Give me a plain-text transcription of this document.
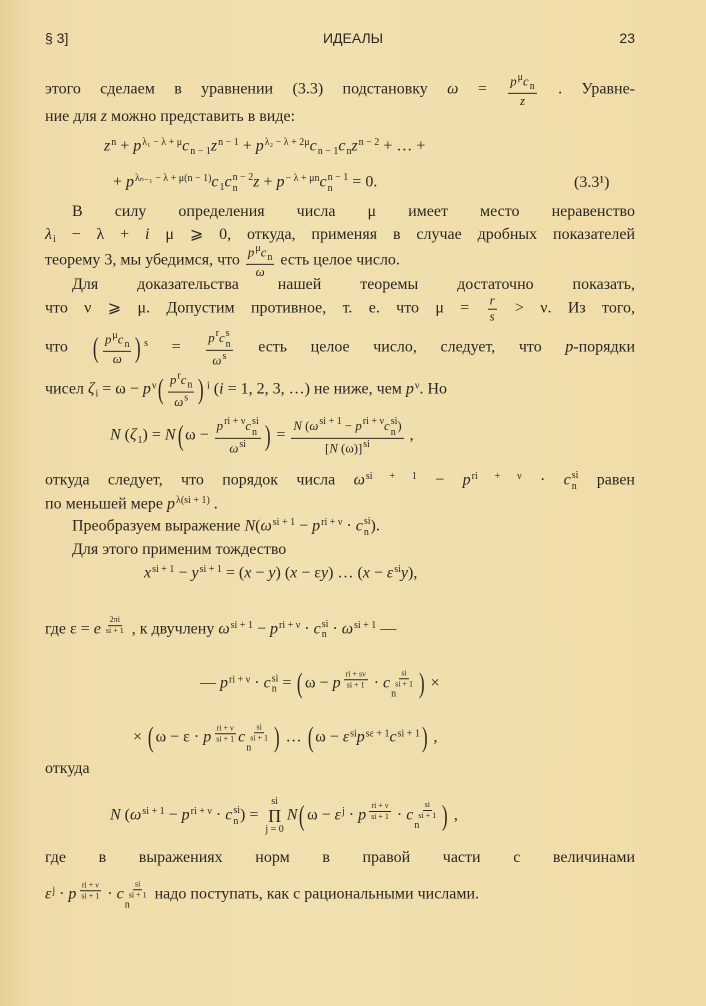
§ 3]	ИДЕАЛЫ	23
этого сделаем в уравнении (3.3) подстановку $\omega = \frac{p^\mu c_n}{z}$ . Уравне-
ние для z можно представить в виде:
$z^n + p^{\lambda_1 - \lambda + \mu}cn - 1z^{n - 1} + p^{\lambda_2 - \lambda + 2\mu}cn - 1cnz^{n - 2}$ + … +
+ $p^{\lambda_{n-1} - \lambda + \mu(n - 1)}c1c$ n − 2
n $z + p^{- \lambda + \mu n}c$ n − 1
n = 0.	(3.3¹)
В силу определения числа μ имеет место неравенство
λi − λ + i μ ⩾ 0, откуда, применяя в случае дробных показателей
теорему 3, мы убедимся, что $\frac{p^\mu c_n}{\omega}$ есть целое число.
Для доказательства нашей теоремы достаточно показать,
что ν ⩾ μ. Допустим противное, т. е. что $\mu = \frac{r}{s} > \nu$. Из того,
что ( $\frac{p^\mu c_n}{\omega}$ ) $^s = p^rc$ s
n
$\omega^s$ есть целое число, следует, что p-порядки
чисел $\zeta i = \omega - p^\nu( \frac{p^rc_n}{\omega^s}$ ) $^i$ (i = 1, 2, 3, …) не ниже, чем $p^\nu$. Но
N (ζ1) = N( $\omega - p^{ri + \nu}c$ si
n
$\omega^{si}$ ) = N ($\omega^{si + 1} - p^{ri + \nu}c$ si
n )
[N (ω)]$^{si}$ ,
откуда следует, что порядок числа $\omega^{si + 1} - p^{ri + \nu} \cdot c$ si
n равен
по меньшей мере $p^{\lambda(si + 1)}$ .
Преобразуем выражение $N(\omega^{si + 1} - p^{ri + \nu} \cdot c$ si
n ).
Для этого применим тождество
$x^{si + 1} - y^{si + 1} = (x - y) (x - \varepsilon y)$ … $(x - \varepsilon^{si}y)$,
где ε = e $^{\frac{2\pi i}{si + 1}}$ , к двучлену $\omega^{si + 1} - p^{ri + \nu} \cdot c$ si
$n \cdot \omega^{si + 1}$ —
— $p^{ri + \nu} \cdot c$ si
n = ( ω − p $^{\frac{ri + s\nu}{si + 1}}$ · c $\frac{si}{si + 1}$
n ) ×
× ( ω − ε · p $^{\frac{ri + \nu}{si + 1}}$ c $\frac{si}{si + 1}$
n ) … ( $\omega - \varepsilon^{si}p^{s\varepsilon + 1}c^{si + 1}$) ,
откуда
N ($\omega^{si + 1} - p^{ri + \nu} \cdot c$ si
n ) =
si
Π
j = 0
N( $\omega - \varepsilon^j \cdot p$ $^{\frac{ri + \nu}{si + 1}}$ · c $\frac{si}{si + 1}$
n ) ,
где в выражениях норм в правой части с величинами
$\varepsilon^j \cdot p$ $^{\frac{ri + \nu}{si + 1}}$ · c $\frac{si}{si + 1}$
n
надо поступать, как с рациональными числами.
